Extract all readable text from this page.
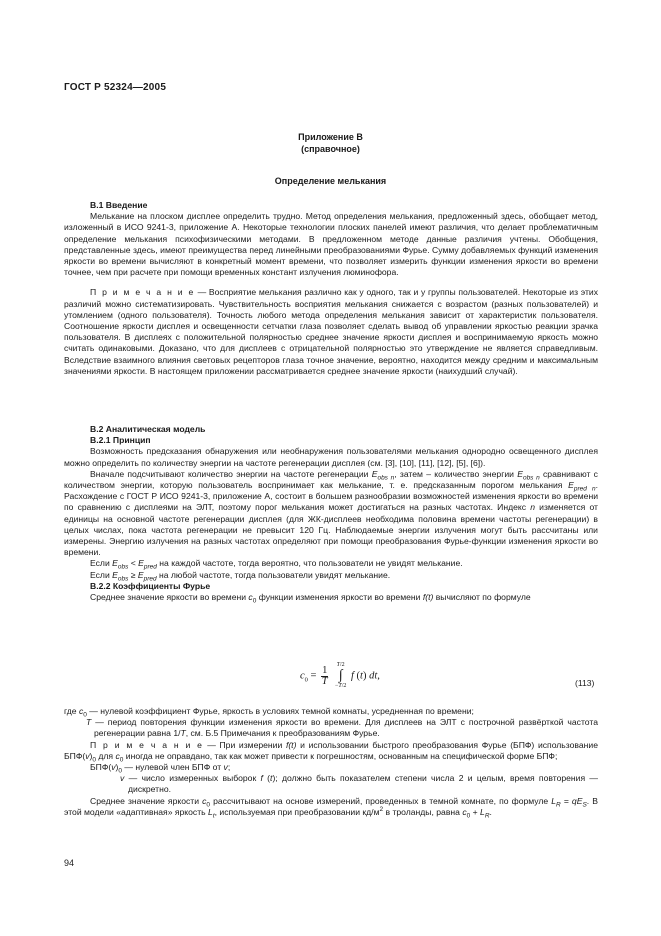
ГОСТ Р 52324—2005
Приложение В
(справочное)
Определение мелькания

В.1 Введение

Мелькание на плоском дисплее определить трудно. Метод определения мелькания, предложенный здесь, обобщает метод, изложенный в ИСО 9241-3, приложение А. Некоторые технологии плоских панелей имеют различия, что делает проблематичным определение мелькания психофизическими методами. В предложенном методе данные различия учтены. Обобщения, представленные здесь, имеют преимущества перед линейными преобразованиями Фурье. Сумму добавляемых функций изменения яркости во времени вычисляют в конкретный момент времени, что позволяет измерить функции изменения яркости во времени точнее, чем при расчете при помощи временных констант излучения люминофора.

П р и м е ч а н и е — Восприятие мелькания различно как у одного, так и у группы пользователей. Некоторые из этих различий можно систематизировать. Чувствительность восприятия мелькания снижается с возрастом (разных пользователей) и утомлением (одного пользователя). Точность любого метода определения мелькания зависит от характеристик пользователя. Соотношение яркости дисплея и освещенности сетчатки глаза позволяет сделать вывод об управлении яркостью реакции зрачка пользователя. В дисплеях с положительной полярностью среднее значение яркости дисплея и воспринимаемую яркость можно считать одинаковыми. Доказано, что для дисплеев с отрицательной полярностью это утверждение не является справедливым. Вследствие взаимного влияния световых рецепторов глаза точное значение, вероятно, находится между средним и максимальным значениями яркости. В настоящем приложении рассматривается среднее значение яркости (наихудший случай).

В.2 Аналитическая модель

В.2.1 Принцип

Возможность предсказания обнаружения или необнаружения пользователями мелькания однородно освещенного дисплея можно определить по количеству энергии на частоте регенерации дисплея (см. [3], [10], [11], [12], [5], [6]).

Вначале подсчитывают количество энергии на частоте регенерации $E_{obs n}$, затем – количество энергии $E_{obs n}$ сравнивают с количеством энергии, которую пользователь воспринимает как мелькание, т. е. предсказанным порогом мелькания $E_{pred n}$. Расхождение с ГОСТ Р ИСО 9241-3, приложение А, состоит в большем разнообразии возможностей изменения яркости во времени по сравнению с дисплеями на ЭЛТ, поэтому порог мелькания может достигаться на разных частотах. Индекс n изменяется от единицы на основной частоте регенерации дисплея (для ЖК-дисплеев необходима половина времени частоты регенерации) в целых числах, пока частота регенерации не превысит 120 Гц. Наблюдаемые энергии излучения могут быть рассчитаны или измерены. Энергию излучения на разных частотах определяют при помощи преобразования Фурье-функции изменения яркости во времени.

Если $E_{obs} < E_{pred}$ на каждой частоте, тогда вероятно, что пользователи не увидят мелькание.

Если $E_{obs} \ge E_{pred}$ на любой частоте, тогда пользователи увидят мелькание.

В.2.2 Коэффициенты Фурье

Среднее значение яркости во времени $c_0$ функции изменения яркости во времени f(t) вычисляют по формуле

$c_0 = \frac{1}{T}$

T/2
∫
−T/2
f (t) dt,
(113)

где $c_0$ — нулевой коэффициент Фурье, яркость в условиях темной комнаты, усредненная по времени;

T — период повторения функции изменения яркости во времени. Для дисплеев на ЭЛТ с построчной развёрткой частота регенерации равна 1/T, см. Б.5 Примечания к преобразованиям Фурье.

П р и м е ч а н и е — При измерении f(t) и использовании быстрого преобразования Фурье (БПФ) использование $БПФ(v)_0$ для $c_0$ иногда не оправдано, так как может привести к погрешностям, основанным на специфической форме БПФ;

$БПФ(v)_0$ — нулевой член БПФ от v;

v — число измеренных выборок f (t); должно быть показателем степени числа 2 и целым, время повторения — дискретно.

Среднее значение яркости $c_0$ рассчитывают на основе измерений, проведенных в темной комнате, по формуле $L_R = qE_S$. В этой модели «адаптивная» яркость $L_t$, используемая при преобразовании $кд/м^2$ в троланды, равна $c_0 + L_R$.

94
